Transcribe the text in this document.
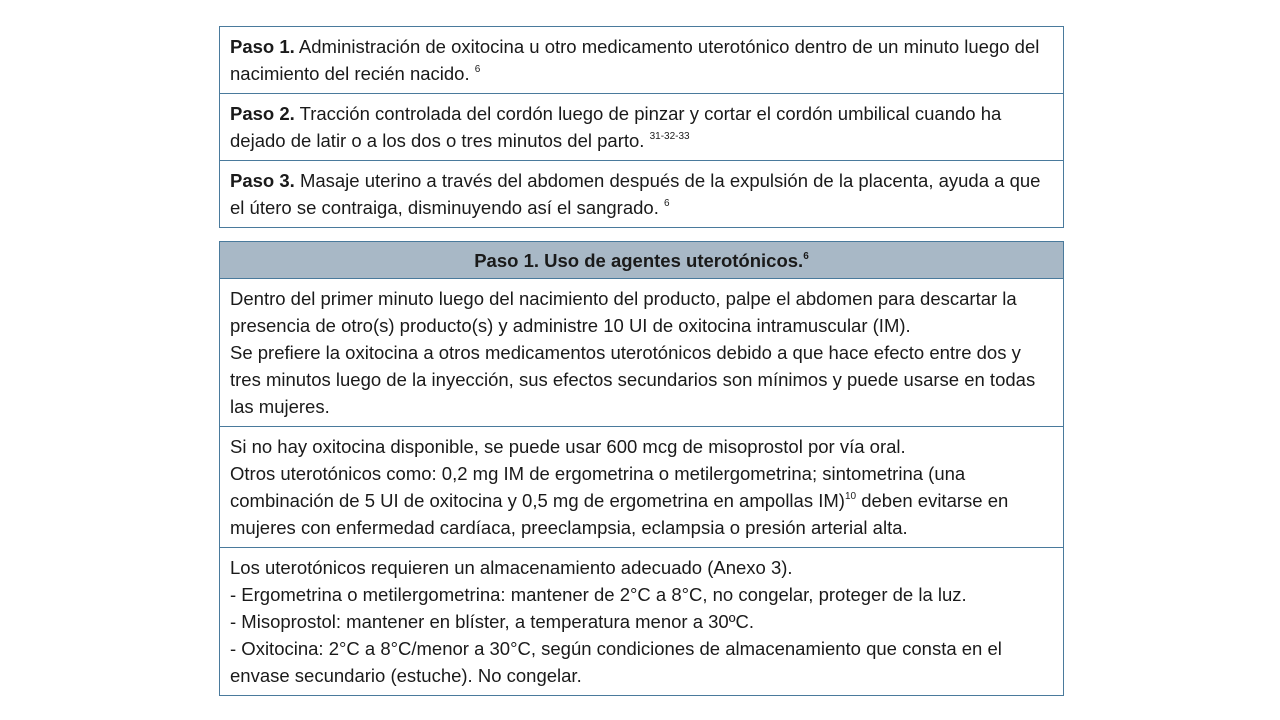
Paso 1. Administración de oxitocina u otro medicamento uterotónico dentro de un minuto luego del nacimiento del recién nacido. $^6$
Paso 2. Tracción controlada del cordón luego de pinzar y cortar el cordón umbilical cuando ha dejado de latir o a los dos o tres minutos del parto. $^{31-32-33}$
Paso 3. Masaje uterino a través del abdomen después de la expulsión de la placenta, ayuda a que el útero se contraiga, disminuyendo así el sangrado. $^6$
Paso 1. Uso de agentes uterotónicos.$^6$
Dentro del primer minuto luego del nacimiento del producto, palpe el abdomen para descartar la presencia de otro(s) producto(s) y administre 10 UI de oxitocina intramuscular (IM).
Se prefiere la oxitocina a otros medicamentos uterotónicos debido a que hace efecto entre dos y tres minutos luego de la inyección, sus efectos secundarios son mínimos y puede usarse en todas las mujeres.
Si no hay oxitocina disponible, se puede usar 600 mcg de misoprostol por vía oral.
Otros uterotónicos como: 0,2 mg IM de ergometrina o metilergometrina; sintometrina (una combinación de 5 UI de oxitocina y 0,5 mg de ergometrina en ampollas IM)$^{10}$ deben evitarse en mujeres con enfermedad cardíaca, preeclampsia, eclampsia o presión arterial alta.
Los uterotónicos requieren un almacenamiento adecuado (Anexo 3).
- Ergometrina o metilergometrina: mantener de 2°C a 8°C, no congelar, proteger de la luz.
- Misoprostol: mantener en blíster, a temperatura menor a 30ºC.
- Oxitocina: 2°C a 8°C/menor a 30°C, según condiciones de almacenamiento que consta en el envase secundario (estuche). No congelar.
